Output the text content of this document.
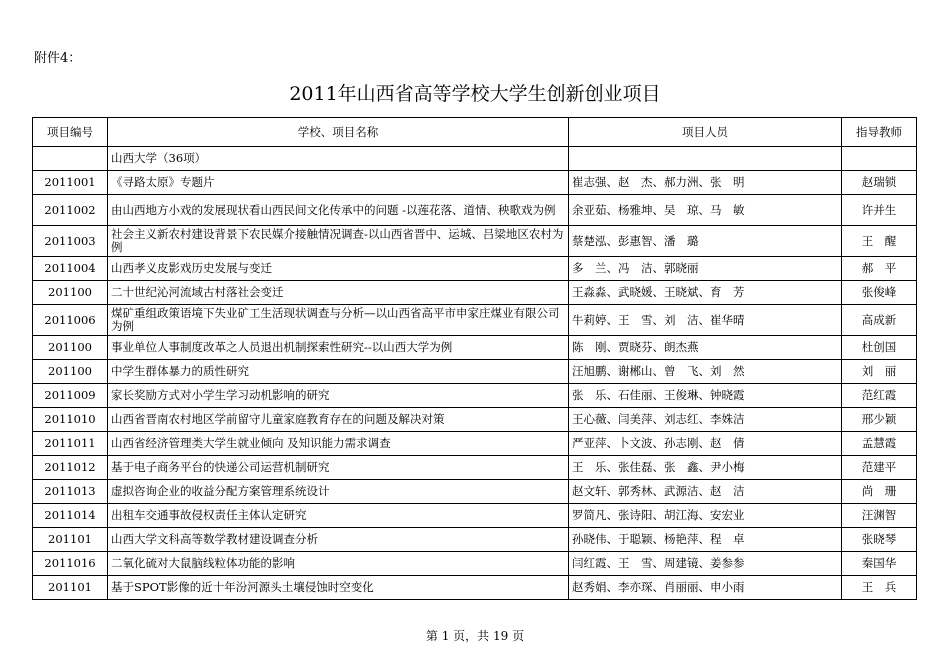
附件4：
2011年山西省高等学校大学生创新创业项目
项目编号	学校、项目名称	项目人员	指导教师
	山西大学（36项）		
2011001	《寻路太原》专题片	崔志强、赵　杰、郝力洲、张　明	赵瑞锁
2011002	由山西地方小戏的发展现状看山西民间文化传承中的问题 -以莲花落、道情、秧歌戏为例	余亚茹、杨雅坤、吴　琼、马　敏	许并生
2011003	社会主义新农村建设背景下农民媒介接触情况调查-以山西省晋中、运城、吕梁地区农村为例	蔡楚泓、彭惠智、潘　璐	王　醒
2011004	山西孝义皮影戏历史发展与变迁	多　兰、冯　洁、郭晓丽	郝　平
201100	二十世纪沁河流域古村落社会变迁	王淼淼、武晓媛、王晓斌、育　芳	张俊峰
2011006	煤矿重组政策语境下失业矿工生活现状调查与分析—以山西省高平市申家庄煤业有限公司为例	牛莉婷、王　雪、刘　洁、崔华晴	高成新
201100	事业单位人事制度改革之人员退出机制探索性研究--以山西大学为例	陈　刚、贾晓芬、朗杰燕	杜创国
201100	中学生群体暴力的质性研究	汪旭鹏、谢郴山、曾　飞、刘　然	刘　丽
2011009	家长奖励方式对小学生学习动机影响的研究	张　乐、石佳丽、王俊琳、钟晓霞	范红霞
2011010	山西省晋南农村地区学前留守儿童家庭教育存在的问题及解决对策	王心薇、闫美萍、刘志红、李姝洁	邢少颖
2011011	山西省经济管理类大学生就业倾向 及知识能力需求调查	严亚萍、卜文波、孙志刚、赵　倩	孟慧霞
2011012	基于电子商务平台的快递公司运营机制研究	王　乐、张佳磊、张　鑫、尹小梅	范建平
2011013	虚拟咨询企业的收益分配方案管理系统设计	赵文轩、郭秀林、武源洁、赵　洁	尚　珊
2011014	出租车交通事故侵权责任主体认定研究	罗简凡、张诗阳、胡江海、安宏业	汪渊智
201101	山西大学文科高等数学教材建设调查分析	孙晓伟、于聪颖、杨艳萍、程　卓	张晓琴
2011016	二氧化硫对大鼠脑线粒体功能的影响	闫红霞、王　雪、周建镜、姜参参	秦国华
201101	基于SPOT影像的近十年汾河源头土壤侵蚀时空变化	赵秀娟、李亦琛、肖丽丽、申小雨	王　兵
第 1 页，共 19 页
